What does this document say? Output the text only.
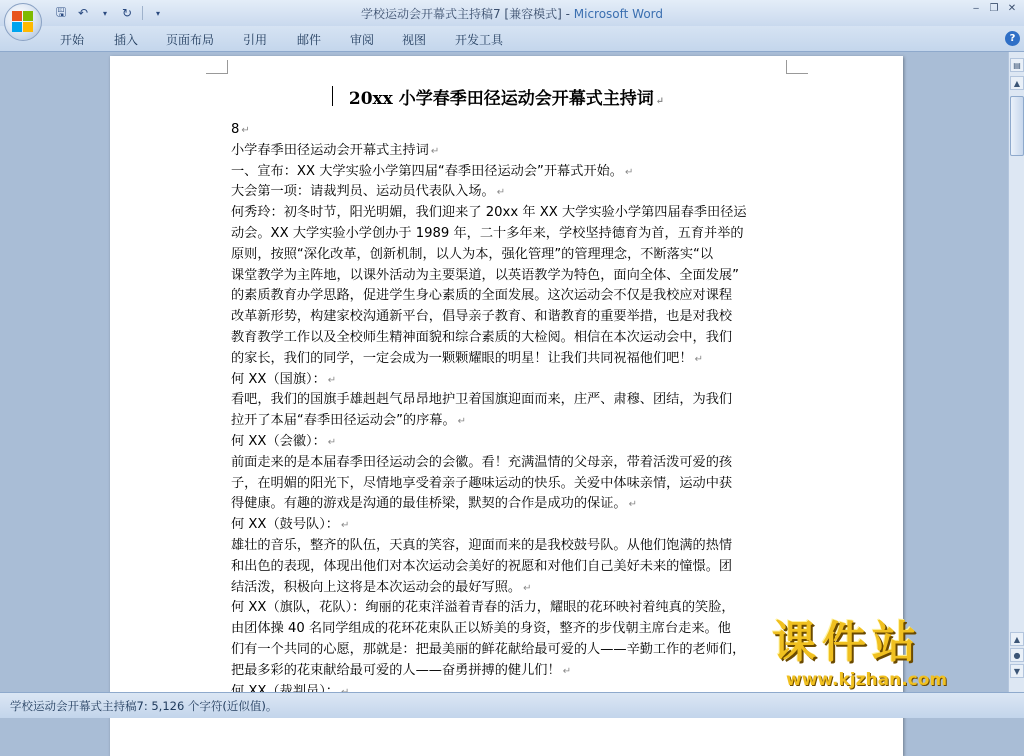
🖫 ↶	▾	↻	▾	学校运动会开幕式主持稿7 [兼容模式] - Microsoft Word	‒	❐ ✕
开始 插入 页面布局 引用 邮件 审阅 视图 开发工具	?
20xx 小学春季田径运动会开幕式主持词 ↵
8 ↵
小学春季田径运动会开幕式主持词 ↵
一、宣布：XX 大学实验小学第四届“春季田径运动会”开幕式开始。 ↵
大会第一项：请裁判员、运动员代表队入场。 ↵
何秀玲：初冬时节，阳光明媚，我们迎来了 20xx 年 XX 大学实验小学第四届春季田径运
动会。XX 大学实验小学创办于 1989 年，二十多年来，学校坚持德育为首，五育并举的
原则，按照“深化改革，创新机制，以人为本，强化管理”的管理理念，不断落实“以
课堂教学为主阵地，以课外活动为主要渠道，以英语教学为特色，面向全体、全面发展”
的素质教育办学思路，促进学生身心素质的全面发展。这次运动会不仅是我校应对课程
改革新形势，构建家校沟通新平台，倡导亲子教育、和谐教育的重要举措，也是对我校
教育教学工作以及全校师生精神面貌和综合素质的大检阅。相信在本次运动会中，我们
的家长，我们的同学，一定会成为一颗颗耀眼的明星！让我们共同祝福他们吧！ ↵
何 XX（国旗）： ↵
看吧，我们的国旗手雄赳赳气昂昂地护卫着国旗迎面而来，庄严、肃穆、团结，为我们
拉开了本届“春季田径运动会”的序幕。 ↵
何 XX（会徽）： ↵
前面走来的是本届春季田径运动会的会徽。看！充满温情的父母亲，带着活泼可爱的孩
子，在明媚的阳光下，尽情地享受着亲子趣味运动的快乐。关爱中体味亲情，运动中获
得健康。有趣的游戏是沟通的最佳桥梁，默契的合作是成功的保证。 ↵
何 XX（鼓号队）： ↵
雄壮的音乐，整齐的队伍，天真的笑容，迎面而来的是我校鼓号队。从他们饱满的热情
和出色的表现，体现出他们对本次运动会美好的祝愿和对他们自己美好未来的憧憬。团
结活泼，积极向上这将是本次运动会的最好写照。 ↵
何 XX（旗队，花队）：绚丽的花束洋溢着青春的活力，耀眼的花环映衬着纯真的笑脸，
由团体操 40 名同学组成的花环花束队正以矫美的身资，整齐的步伐朝主席台走来。他
们有一个共同的心愿，那就是：把最美丽的鲜花献给最可爱的人——辛勤工作的老师们，
把最多彩的花束献给最可爱的人——奋勇拼搏的健儿们！ ↵
▤
▲
▲
●
▼
学校运动会开幕式主持稿7: 5,126 个字符(近似值)。
课件站
www.kjzhan.com
